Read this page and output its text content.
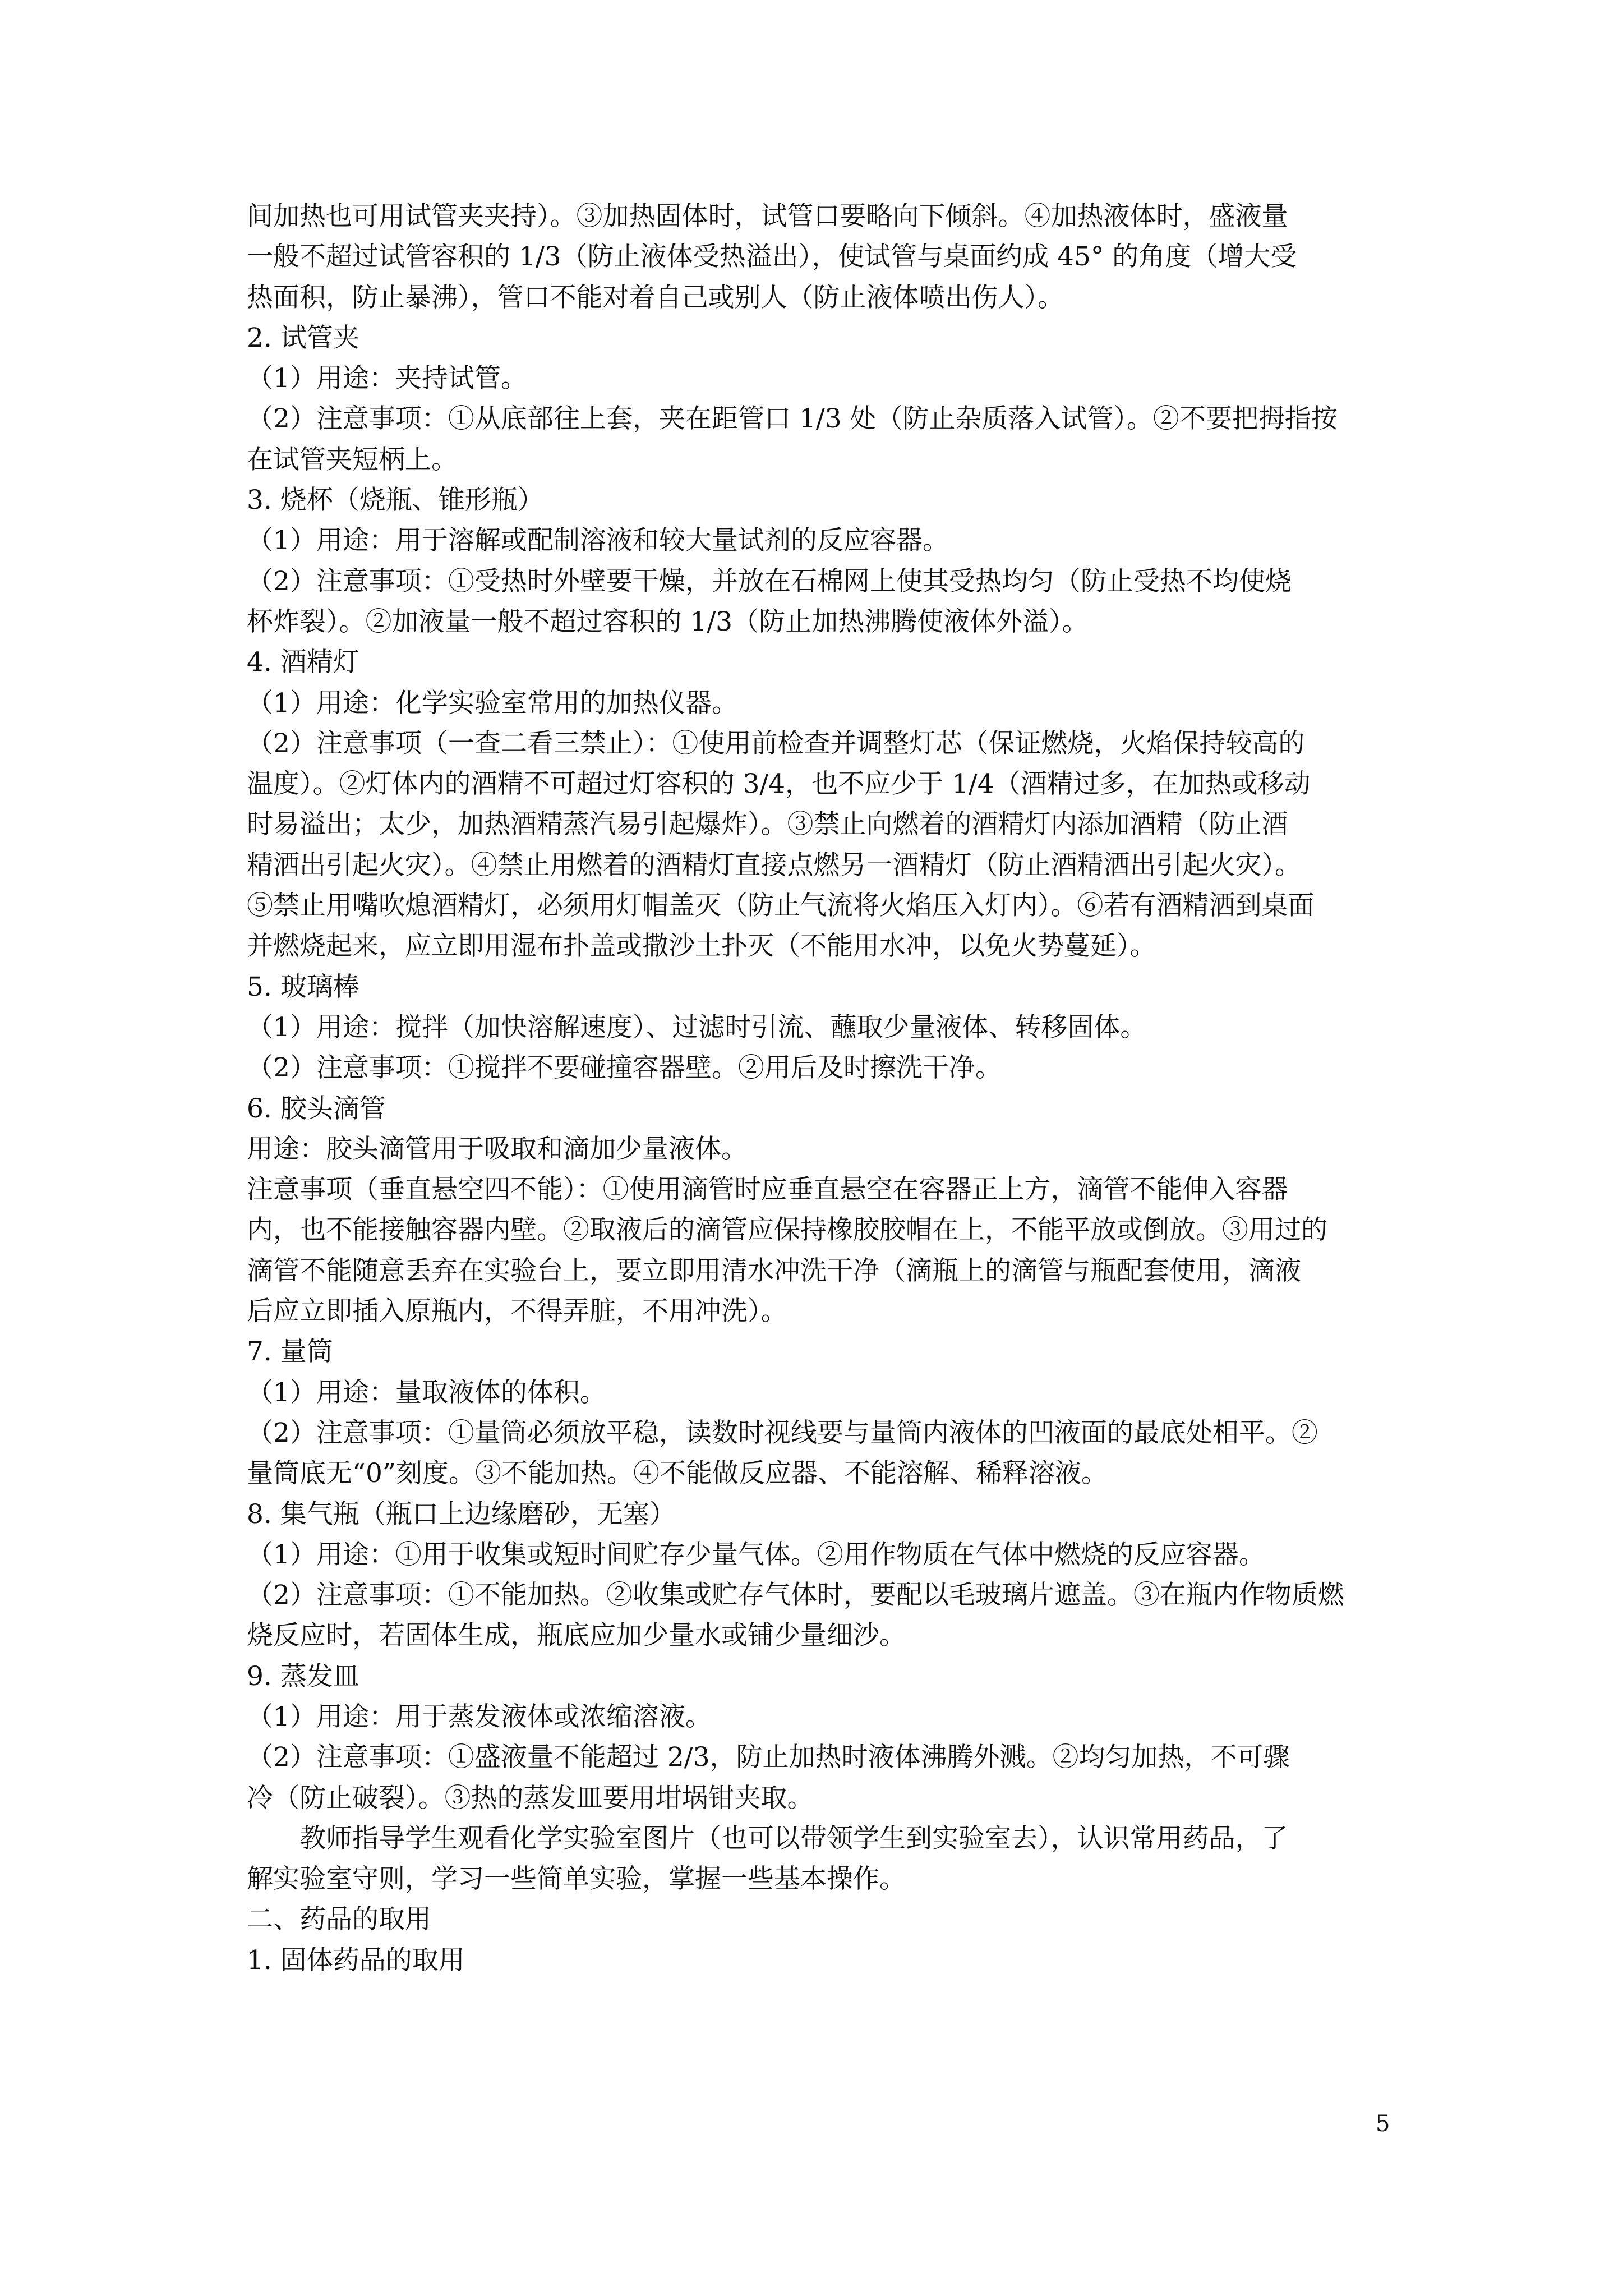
间加热也可用试管夹夹持）。③加热固体时，试管口要略向下倾斜。④加热液体时，盛液量

一般不超过试管容积的 1/3（防止液体受热溢出），使试管与桌面约成 45° 的角度（增大受

热面积，防止暴沸），管口不能对着自己或别人（防止液体喷出伤人）。

2. 试管夹

（1）用途：夹持试管。

（2）注意事项：①从底部往上套，夹在距管口 1/3 处（防止杂质落入试管）。②不要把拇指按

在试管夹短柄上。

3. 烧杯（烧瓶、锥形瓶）

（1）用途：用于溶解或配制溶液和较大量试剂的反应容器。

（2）注意事项：①受热时外壁要干燥，并放在石棉网上使其受热均匀（防止受热不均使烧

杯炸裂）。②加液量一般不超过容积的 1/3（防止加热沸腾使液体外溢）。

4. 酒精灯

（1）用途：化学实验室常用的加热仪器。

（2）注意事项（一查二看三禁止）：①使用前检查并调整灯芯（保证燃烧，火焰保持较高的

温度）。②灯体内的酒精不可超过灯容积的 3/4，也不应少于 1/4（酒精过多，在加热或移动

时易溢出；太少，加热酒精蒸汽易引起爆炸）。③禁止向燃着的酒精灯内添加酒精（防止酒

精洒出引起火灾）。④禁止用燃着的酒精灯直接点燃另一酒精灯（防止酒精洒出引起火灾）。

⑤禁止用嘴吹熄酒精灯，必须用灯帽盖灭（防止气流将火焰压入灯内）。⑥若有酒精洒到桌面

并燃烧起来，应立即用湿布扑盖或撒沙土扑灭（不能用水冲，以免火势蔓延）。

5. 玻璃棒

（1）用途：搅拌（加快溶解速度）、过滤时引流、蘸取少量液体、转移固体。

（2）注意事项：①搅拌不要碰撞容器壁。②用后及时擦洗干净。

6. 胶头滴管

用途：胶头滴管用于吸取和滴加少量液体。

注意事项（垂直悬空四不能）：①使用滴管时应垂直悬空在容器正上方，滴管不能伸入容器

内，也不能接触容器内壁。②取液后的滴管应保持橡胶胶帽在上，不能平放或倒放。③用过的

滴管不能随意丢弃在实验台上，要立即用清水冲洗干净（滴瓶上的滴管与瓶配套使用，滴液

后应立即插入原瓶内，不得弄脏，不用冲洗）。

7. 量筒

（1）用途：量取液体的体积。

（2）注意事项：①量筒必须放平稳，读数时视线要与量筒内液体的凹液面的最底处相平。②

量筒底无“0”刻度。③不能加热。④不能做反应器、不能溶解、稀释溶液。

8. 集气瓶（瓶口上边缘磨砂，无塞）

（1）用途：①用于收集或短时间贮存少量气体。②用作物质在气体中燃烧的反应容器。

（2）注意事项：①不能加热。②收集或贮存气体时，要配以毛玻璃片遮盖。③在瓶内作物质燃

烧反应时，若固体生成，瓶底应加少量水或铺少量细沙。

9. 蒸发皿

（1）用途：用于蒸发液体或浓缩溶液。

（2）注意事项：①盛液量不能超过 2/3，防止加热时液体沸腾外溅。②均匀加热，不可骤

冷（防止破裂）。③热的蒸发皿要用坩埚钳夹取。

　　教师指导学生观看化学实验室图片（也可以带领学生到实验室去），认识常用药品，了

解实验室守则，学习一些简单实验，掌握一些基本操作。

二、药品的取用

1. 固体药品的取用

5
